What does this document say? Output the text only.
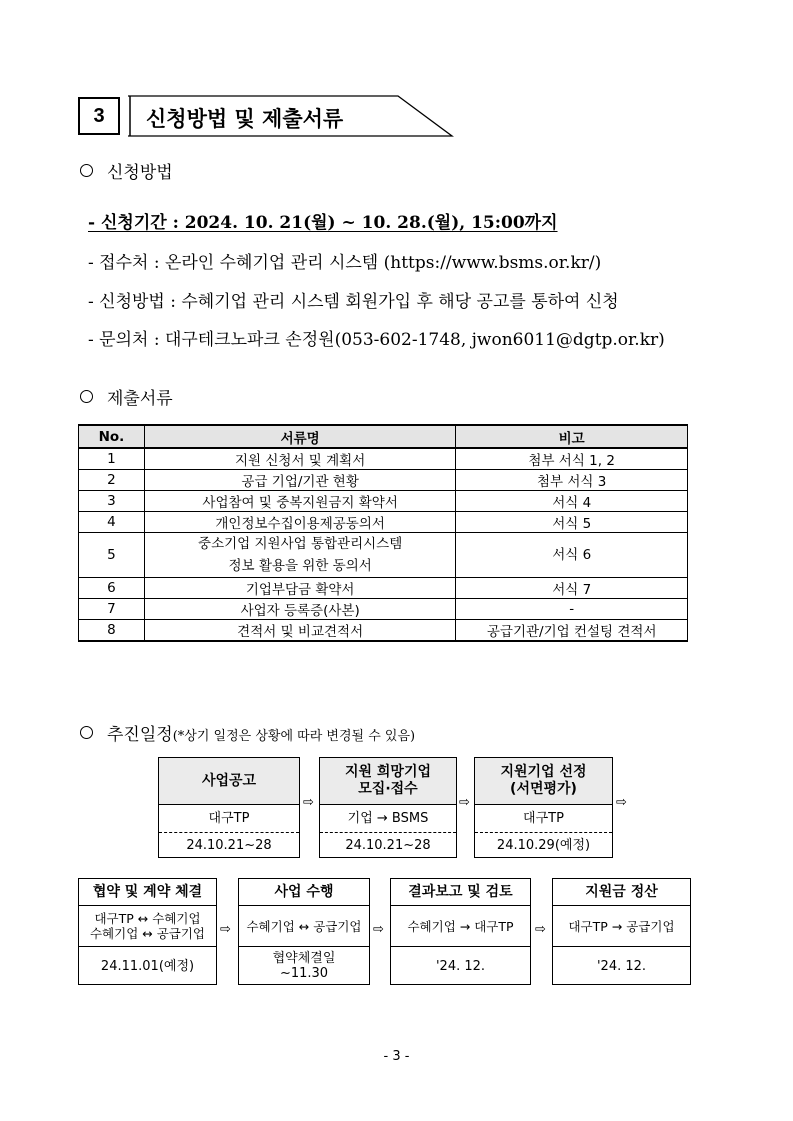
3	신청방법 및 제출서류
신청방법
- 신청기간 : 2024. 10. 21(월) ~ 10. 28.(월), 15:00까지
- 접수처 : 온라인 수혜기업 관리 시스템 (https://www.bsms.or.kr/)
- 신청방법 : 수혜기업 관리 시스템 회원가입 후 해당 공고를 통하여 신청
- 문의처 : 대구테크노파크 손정원(053-602-1748, jwon6011@dgtp.or.kr)
제출서류
No.	서류명	비고
1	지원 신청서 및 계획서	첨부 서식 1, 2
2	공급 기업/기관 현황	첨부 서식 3
3	사업참여 및 중복지원금지 확약서	서식 4
4	개인정보수집이용제공동의서	서식 5
5	중소기업 지원사업 통합관리시스템
정보 활용을 위한 동의서	서식 6
6	기업부담금 확약서	서식 7
7	사업자 등록증(사본)	-
8	견적서 및 비교견적서	공급기관/기업 컨설팅 견적서
추진일정(*상기 일정은 상황에 따라 변경될 수 있음)
사업공고
대구TP
24.10.21~28
⇨
지원 희망기업
모집·접수
기업 → BSMS
24.10.21~28
⇨
지원기업 선정
(서면평가)
대구TP
24.10.29(예정)
⇨
협약 및 계약 체결
대구TP ↔ 수혜기업
수혜기업 ↔ 공급기업
24.11.01(예정)
⇨
사업 수행
수혜기업 ↔ 공급기업
협약체결일
~11.30
⇨
결과보고 및 검토
수혜기업 → 대구TP
'24. 12.
⇨
지원금 정산
대구TP → 공급기업
'24. 12.
- 3 -
